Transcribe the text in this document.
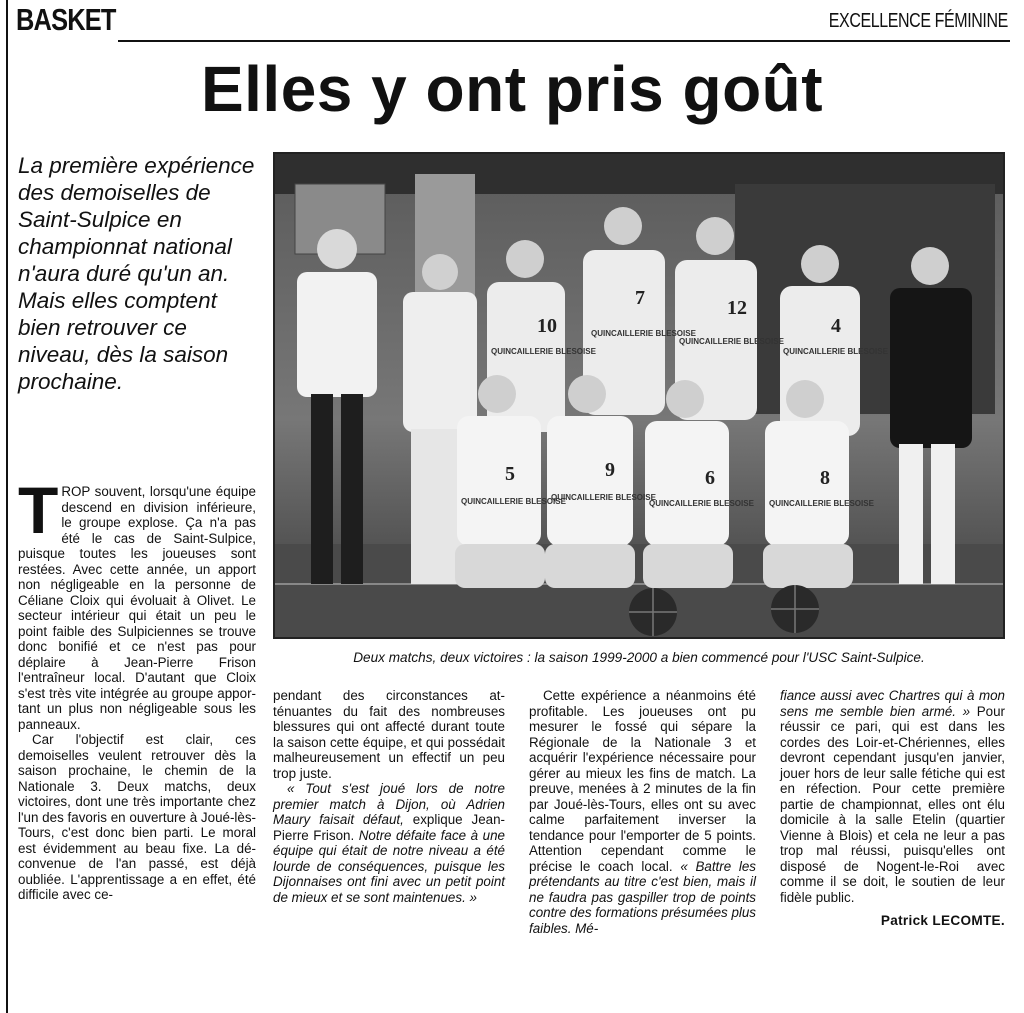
BASKET	EXCELLENCE FÉMININE
Elles y ont pris goût
La première expérience des demoiselles de Saint-Sulpice en championnat national n'aura duré qu'un an. Mais elles comptent bien retrouver ce niveau, dès la saison prochaine.
10
7	12
4
5	9	6	8
QUINCAILLERIE BLESOISE
QUINCAILLERIE BLESOISE
QUINCAILLERIE BLESOISE
QUINCAILLERIE BLESOISE
QUINCAILLERIE BLESOISE
QUINCAILLERIE BLESOISE
QUINCAILLERIE BLESOISE QUINCAILLERIE BLESOISE
Deux matchs, deux victoires : la saison 1999-2000 a bien commencé pour l'USC Saint-Sulpice.

TROP souvent, lorsqu'une équipe descend en division inférieure, le groupe explose. Ça n'a pas été le cas de Saint-Sulpice, puisque toutes les joueuses sont restées. Avec cette année, un apport non négligeable en la personne de Céliane Cloix qui évoluait à Olivet. Le secteur intérieur qui était un peu le point faible des Sulpiciennes se trouve donc bonifié et ce n'est pas pour déplaire à Jean-Pierre Frison l'entraîneur local. D'autant que Cloix s'est très vite intégrée au groupe apportant un plus non négligeable sous les panneaux.

Car l'objectif est clair, ces demoiselles veulent retrouver dès la saison prochaine, le chemin de la Nationale 3. Deux matchs, deux victoires, dont une très importante chez l'un des favoris en ouverture à Joué-lès-Tours, c'est donc bien parti. Le moral est évidemment au beau fixe. La déconvenue de l'an passé, est déjà oubliée. L'apprentissage a en effet, été difficile avec ce-

pendant des circonstances atténuantes du fait des nombreuses blessures qui ont affecté durant toute la saison cette équipe, et qui possédait malheureusement un effectif un peu trop juste.

« Tout s'est joué lors de notre premier match à Dijon, où Adrien Maury faisait défaut, explique Jean-Pierre Frison. Notre défaite face à une équipe qui était de notre niveau a été lourde de conséquences, puisque les Dijonnaises ont fini avec un petit point de mieux et se sont maintenues. »

Cette expérience a néanmoins été profitable. Les joueuses ont pu mesurer le fossé qui sépare la Régionale de la Nationale 3 et acquérir l'expérience nécessaire pour gérer au mieux les fins de match. La preuve, menées à 2 minutes de la fin par Joué-lès-Tours, elles ont su avec calme parfaitement inverser la tendance pour l'emporter de 5 points. Attention cependant comme le précise le coach local. « Battre les prétendants au titre c'est bien, mais il ne faudra pas gaspiller trop de points contre des formations présumées plus faibles. Mé-

fiance aussi avec Chartres qui à mon sens me semble bien armé. » Pour réussir ce pari, qui est dans les cordes des Loir-et-Chériennes, elles devront cependant jusqu'en janvier, jouer hors de leur salle fétiche qui est en réfection. Pour cette première partie de championnat, elles ont élu domicile à la salle Etelin (quartier Vienne à Blois) et cela ne leur a pas trop mal réussi, puisqu'elles ont disposé de Nogent-le-Roi avec comme il se doit, le soutien de leur fidèle public.

Patrick LECOMTE.
